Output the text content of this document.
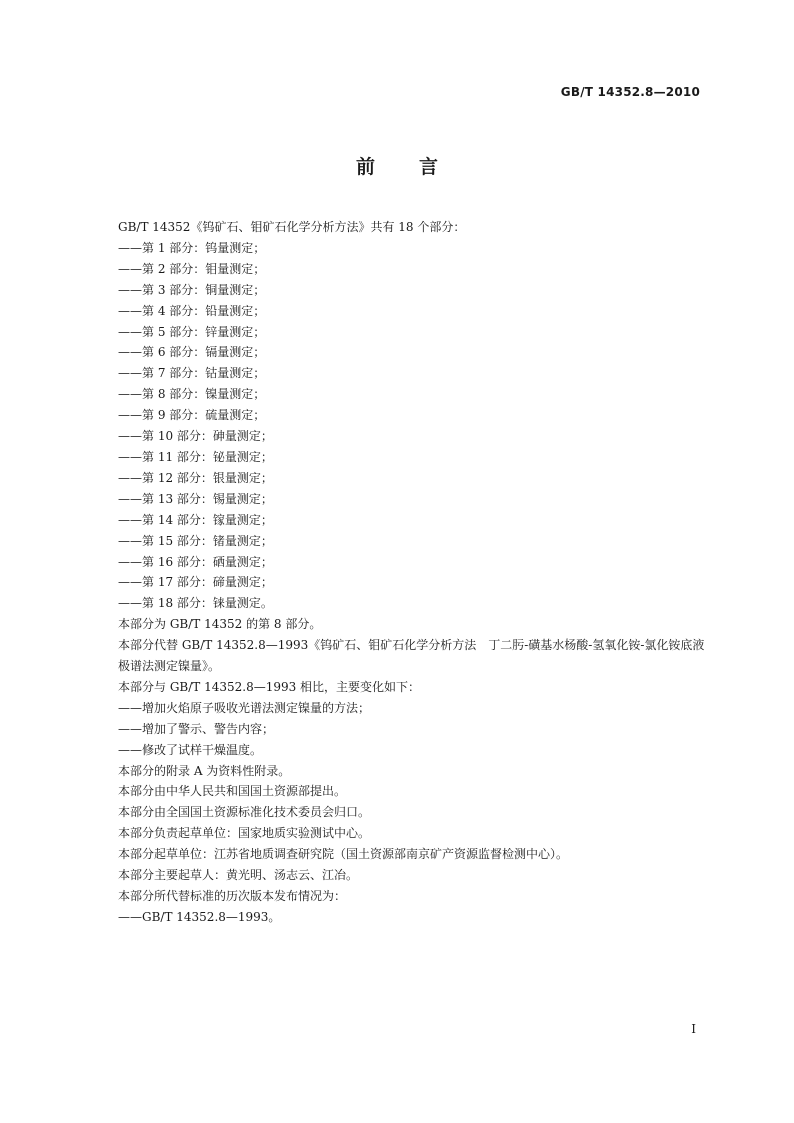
GB/T 14352.8—2010
前言
GB/T 14352《钨矿石、钼矿石化学分析方法》共有 18 个部分：
——第 1 部分：钨量测定；
——第 2 部分：钼量测定；
——第 3 部分：铜量测定；
——第 4 部分：铅量测定；
——第 5 部分：锌量测定；
——第 6 部分：镉量测定；
——第 7 部分：钴量测定；
——第 8 部分：镍量测定；
——第 9 部分：硫量测定；
——第 10 部分：砷量测定；
——第 11 部分：铋量测定；
——第 12 部分：银量测定；
——第 13 部分：锡量测定；
——第 14 部分：镓量测定；
——第 15 部分：锗量测定；
——第 16 部分：硒量测定；
——第 17 部分：碲量测定；
——第 18 部分：铼量测定。
本部分为 GB/T 14352 的第 8 部分。
本部分代替 GB/T 14352.8—1993《钨矿石、钼矿石化学分析方法　丁二肟-磺基水杨酸-氢氧化铵-氯化铵底液极谱法测定镍量》。
本部分与 GB/T 14352.8—1993 相比，主要变化如下：
——增加火焰原子吸收光谱法测定镍量的方法；
——增加了警示、警告内容；
——修改了试样干燥温度。
本部分的附录 A 为资料性附录。
本部分由中华人民共和国国土资源部提出。
本部分由全国国土资源标准化技术委员会归口。
本部分负责起草单位：国家地质实验测试中心。
本部分起草单位：江苏省地质调查研究院（国土资源部南京矿产资源监督检测中心）。
本部分主要起草人：黄光明、汤志云、江冶。
本部分所代替标准的历次版本发布情况为：
——GB/T 14352.8—1993。
I
